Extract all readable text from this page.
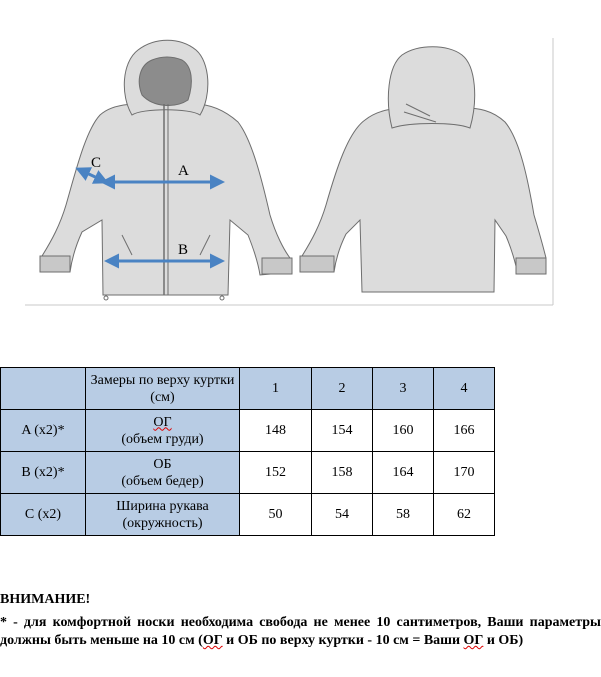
C	A
B
	Замеры по верху куртки (см)	1	2	3	4
A (x2)*	ОГ
(объем груди)	148	154	160	166
B (x2)*	ОБ
(объем бедер)	152	158	164	170
C (x2)	Ширина рукава
(окружность)	50	54	58	62
ВНИМАНИЕ!
* - для комфортной носки необходима свобода не менее 10 сантиметров, Ваши параметры должны быть меньше на 10 см (ОГ и ОБ по верху куртки - 10 см = Ваши ОГ и ОБ)
